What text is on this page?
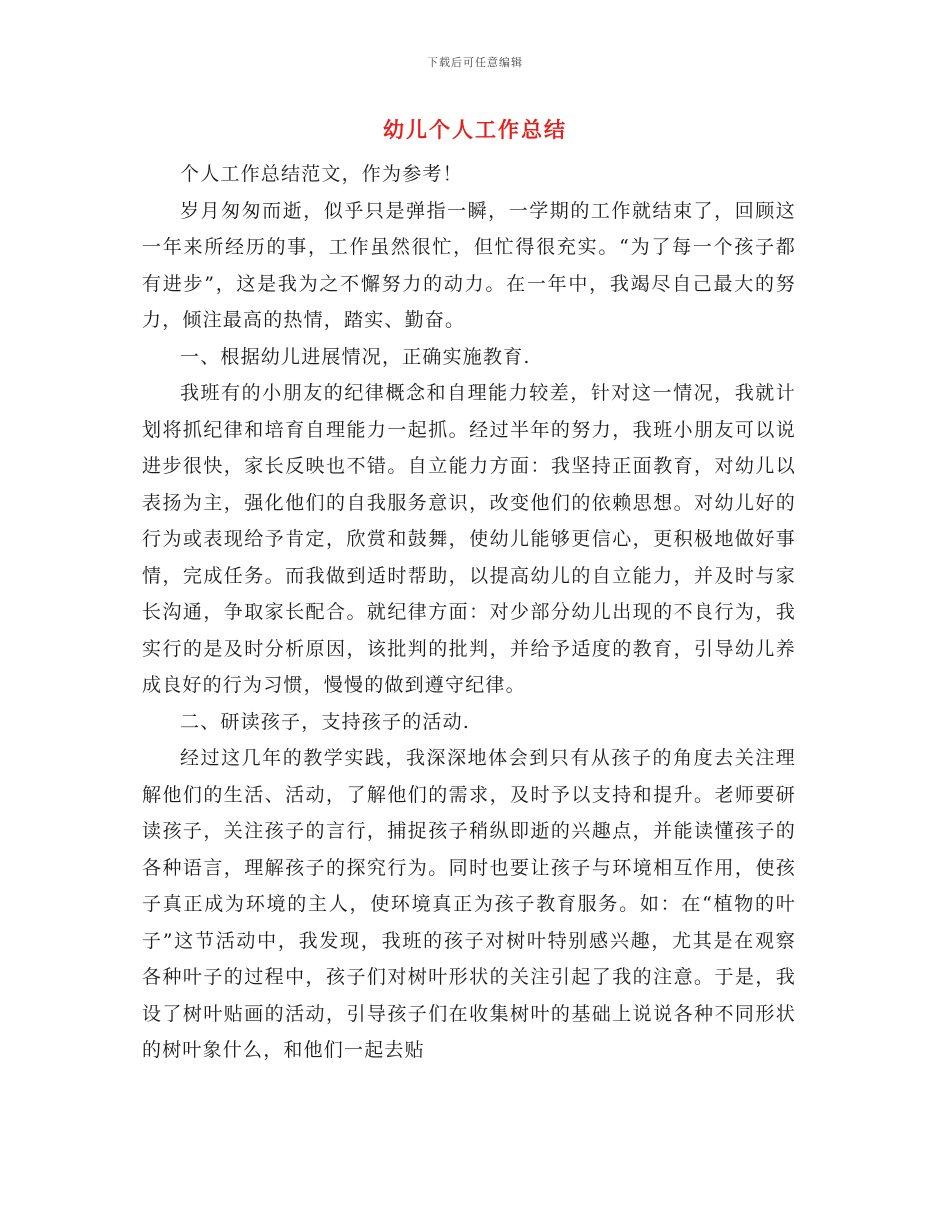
下载后可任意编辑
幼儿个人工作总结

个人工作总结范文，作为参考！

岁月匆匆而逝，似乎只是弹指一瞬，一学期的工作就结束了，回顾这一年来所经历的事，工作虽然很忙，但忙得很充实。“为了每一个孩子都有进步”，这是我为之不懈努力的动力。在一年中，我竭尽自己最大的努力，倾注最高的热情，踏实、勤奋。

一、根据幼儿进展情况，正确实施教育.

我班有的小朋友的纪律概念和自理能力较差，针对这一情况，我就计划将抓纪律和培育自理能力一起抓。经过半年的努力，我班小朋友可以说进步很快，家长反映也不错。自立能力方面：我坚持正面教育，对幼儿以表扬为主，强化他们的自我服务意识，改变他们的依赖思想。对幼儿好的行为或表现给予肯定，欣赏和鼓舞，使幼儿能够更信心，更积极地做好事情，完成任务。而我做到适时帮助，以提高幼儿的自立能力，并及时与家长沟通，争取家长配合。就纪律方面：对少部分幼儿出现的不良行为，我实行的是及时分析原因，该批判的批判，并给予适度的教育，引导幼儿养成良好的行为习惯，慢慢的做到遵守纪律。

二、研读孩子，支持孩子的活动.

经过这几年的教学实践，我深深地体会到只有从孩子的角度去关注理解他们的生活、活动，了解他们的需求，及时予以支持和提升。老师要研读孩子，关注孩子的言行，捕捉孩子稍纵即逝的兴趣点，并能读懂孩子的各种语言，理解孩子的探究行为。同时也要让孩子与环境相互作用，使孩子真正成为环境的主人，使环境真正为孩子教育服务。如：在“植物的叶子”这节活动中，我发现，我班的孩子对树叶特别感兴趣，尤其是在观察各种叶子的过程中，孩子们对树叶形状的关注引起了我的注意。于是，我设了树叶贴画的活动，引导孩子们在收集树叶的基础上说说各种不同形状的树叶象什么，和他们一起去贴
